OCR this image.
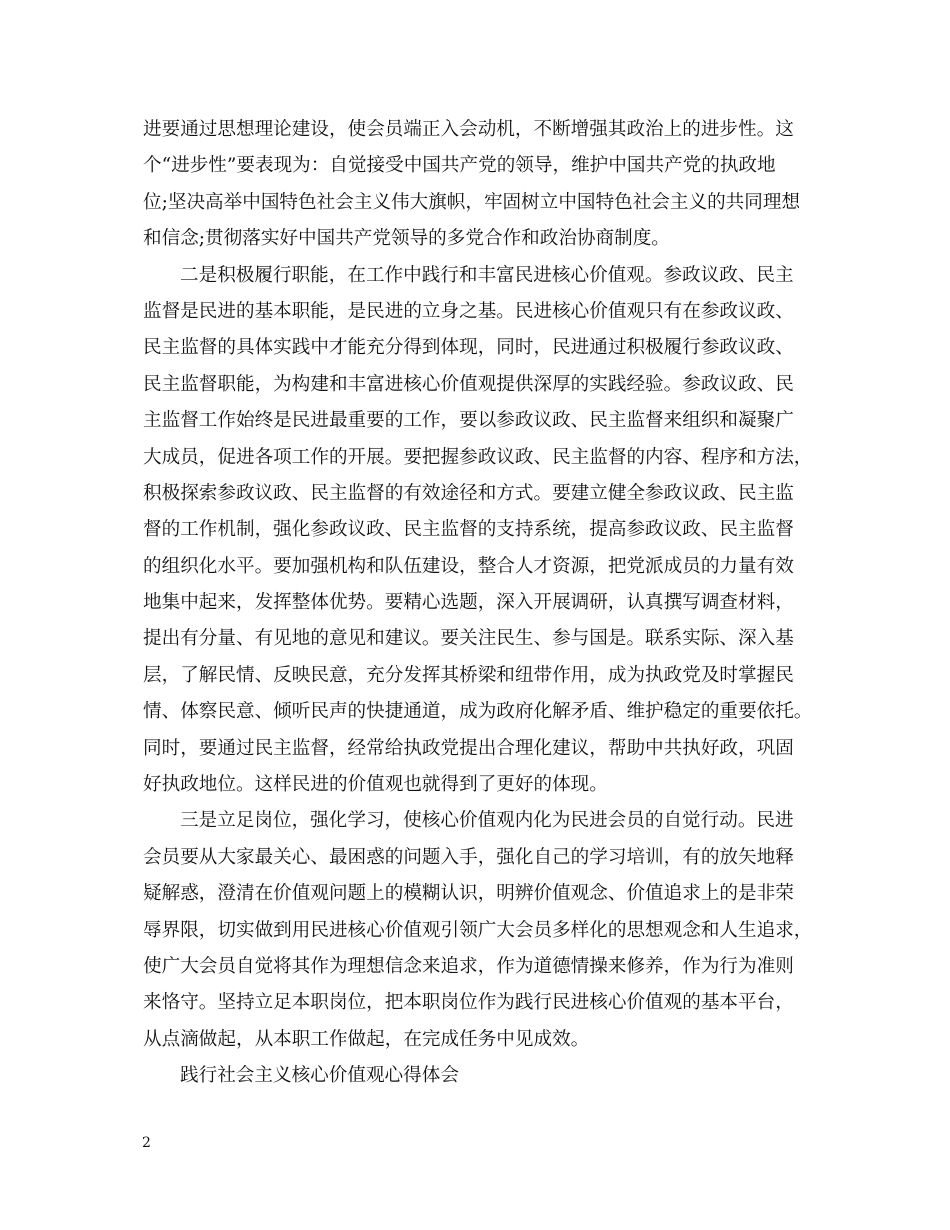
进要通过思想理论建设，使会员端正入会动机，不断增强其政治上的进步性。这
个“进步性”要表现为：自觉接受中国共产党的领导，维护中国共产党的执政地
位;坚决高举中国特色社会主义伟大旗帜，牢固树立中国特色社会主义的共同理想
和信念;贯彻落实好中国共产党领导的多党合作和政治协商制度。
二是积极履行职能，在工作中践行和丰富民进核心价值观。参政议政、民主
监督是民进的基本职能，是民进的立身之基。民进核心价值观只有在参政议政、
民主监督的具体实践中才能充分得到体现，同时，民进通过积极履行参政议政、
民主监督职能，为构建和丰富进核心价值观提供深厚的实践经验。参政议政、民
主监督工作始终是民进最重要的工作，要以参政议政、民主监督来组织和凝聚广
大成员，促进各项工作的开展。要把握参政议政、民主监督的内容、程序和方法，
积极探索参政议政、民主监督的有效途径和方式。要建立健全参政议政、民主监
督的工作机制，强化参政议政、民主监督的支持系统，提高参政议政、民主监督
的组织化水平。要加强机构和队伍建设，整合人才资源，把党派成员的力量有效
地集中起来，发挥整体优势。要精心选题，深入开展调研，认真撰写调查材料，
提出有分量、有见地的意见和建议。要关注民生、参与国是。联系实际、深入基
层，了解民情、反映民意，充分发挥其桥梁和纽带作用，成为执政党及时掌握民
情、体察民意、倾听民声的快捷通道，成为政府化解矛盾、维护稳定的重要依托。
同时，要通过民主监督，经常给执政党提出合理化建议，帮助中共执好政，巩固
好执政地位。这样民进的价值观也就得到了更好的体现。
三是立足岗位，强化学习，使核心价值观内化为民进会员的自觉行动。民进
会员要从大家最关心、最困惑的问题入手，强化自己的学习培训，有的放矢地释
疑解惑，澄清在价值观问题上的模糊认识，明辨价值观念、价值追求上的是非荣
辱界限，切实做到用民进核心价值观引领广大会员多样化的思想观念和人生追求，
使广大会员自觉将其作为理想信念来追求，作为道德情操来修养，作为行为准则
来恪守。坚持立足本职岗位，把本职岗位作为践行民进核心价值观的基本平台，
从点滴做起，从本职工作做起，在完成任务中见成效。
践行社会主义核心价值观心得体会
2
